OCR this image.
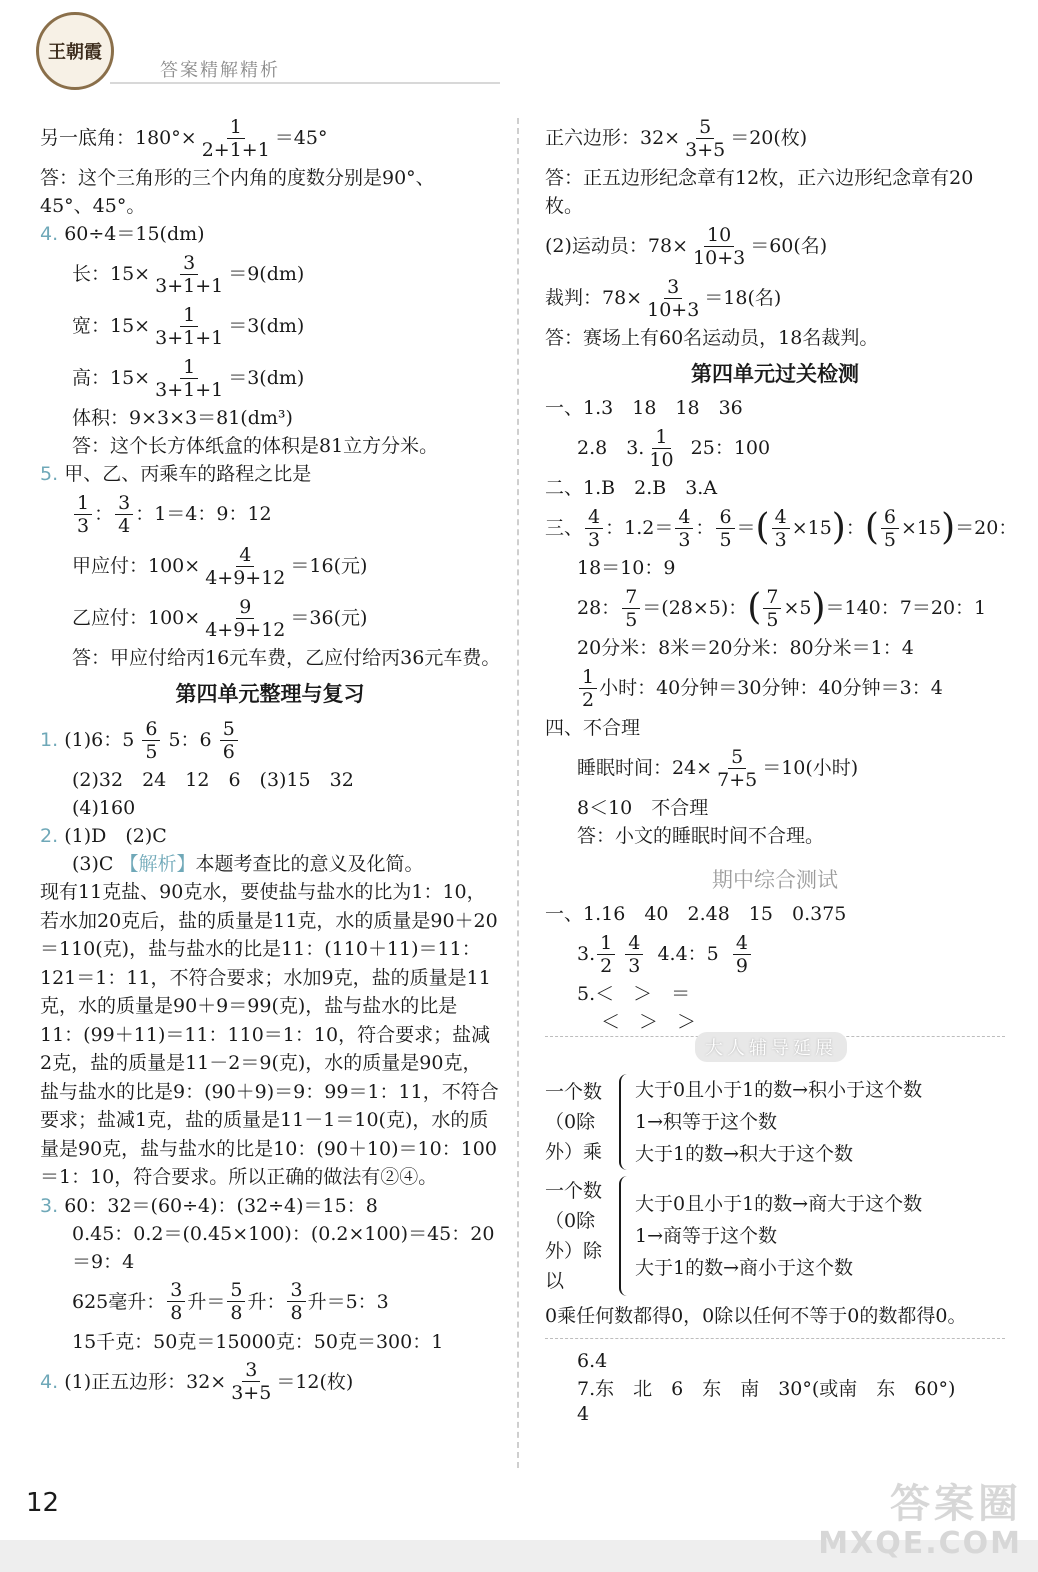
王朝霞
答案精解精析
另一底角：$180^\circ\times \frac{1}{2+1+1} =45^\circ$
答：这个三角形的三个内角的度数分别是90°、
45°、45°。
4. 60÷4＝15(dm)
长：$15\times \frac{3}{3+1+1} =9(dm)$
宽：$15\times \frac{1}{3+1+1} =3(dm)$
高：$15\times \frac{1}{3+1+1} =3(dm)$
体积：9×3×3＝81(dm³)
答：这个长方体纸盒的体积是81立方分米。
5. 甲、乙、丙乘车的路程之比是
$\frac{1}{3}$ ： $\frac{3}{4}$ ：1＝4：9：12
甲应付：$100\times \frac{4}{4+9+12} =16$(元)
乙应付：$100\times \frac{9}{4+9+12} =36$(元)
答：甲应付给丙16元车费，乙应付给丙36元车费。
第四单元整理与复习
1.
(1)6：5
$\frac{6}{5}$
5：6
$\frac{5}{6}$
(2)32　24　12　6　(3)15　32
(4)160
2. (1)D　(2)C
(3)C 【解析】本题考查比的意义及化简。
现有11克盐、90克水，要使盐与盐水的比为1：10，若水加20克后，盐的质量是11克，水的质量是90＋20＝110(克)，盐与盐水的比是11：(110＋11)＝11：121＝1：11，不符合要求；水加9克，盐的质量是11克，水的质量是90＋9＝99(克)，盐与盐水的比是11：(99＋11)＝11：110＝1：10，符合要求；盐减2克，盐的质量是11－2＝9(克)，水的质量是90克，盐与盐水的比是9：(90＋9)＝9：99＝1：11，不符合要求；盐减1克，盐的质量是11－1＝10(克)，水的质量是90克，盐与盐水的比是10：(90＋10)＝10：100＝1：10，符合要求。所以正确的做法有②④。
3. 60：32＝(60÷4)：(32÷4)＝15：8
0.45：0.2＝(0.45×100)：(0.2×100)＝45：20＝9：4
625毫升： $\frac{3}{8}$ 升＝ $\frac{5}{8}$ 升： $\frac{3}{8}$ 升＝5：3
15千克：50克＝15000克：50克＝300：1
4.
(1)正五边形：$32\times \frac{3}{3+5} =12$(枚)
正六边形：$32\times \frac{5}{3+5} =20$(枚)
答：正五边形纪念章有12枚，正六边形纪念章有20枚。
(2)运动员：$78\times \frac{10}{10+3} =60$(名)
裁判：$78\times \frac{3}{10+3} =18$(名)
答：赛场上有60名运动员，18名裁判。
第四单元过关检测
一、1.3　18　18　36
2.8　3. $\frac{1}{10}$
25：100
二、1.B　2.B　3.A
三、 $\frac{4}{3}$ ：$1.2= \frac{4}{3}$ ： $\frac{6}{5}$ ＝ ( $\frac{4}{3} \times 15$ ) ： ( $\frac{6}{5} \times 15$ ) ＝20：
18＝10：9
28： $\frac{7}{5} =(28\times 5)$： ( $\frac{7}{5} \times 5$ ) ＝140：7＝20：1
20分米：8米＝20分米：80分米＝1：4
$\frac{1}{2}$ 小时：40分钟＝30分钟：40分钟＝3：4
四、不合理
睡眠时间：$24\times \frac{5}{7+5} =10$(小时)
8＜10　不合理
答：小文的睡眠时间不合理。
期中综合测试
一、1.16　40　2.48　15　0.375
3. $\frac{1}{2}$
$\frac{4}{3}$
4.4：5
$\frac{4}{9}$
5.＜　＞　＝
＜　＞　＞
大人辅导延展
一个数（0除外）乘
大于0且小于1的数→积小于这个数
1→积等于这个数
大于1的数→积大于这个数
一个数（0除外）除以
大于0且小于1的数→商大于这个数
1→商等于这个数
大于1的数→商小于这个数
0乘任何数都得0，0除以任何不等于0的数都得0。
6.4
7.东　北　6　东　南　30°(或南　东　60°)
4
12	答案圈
MXQE.COM
